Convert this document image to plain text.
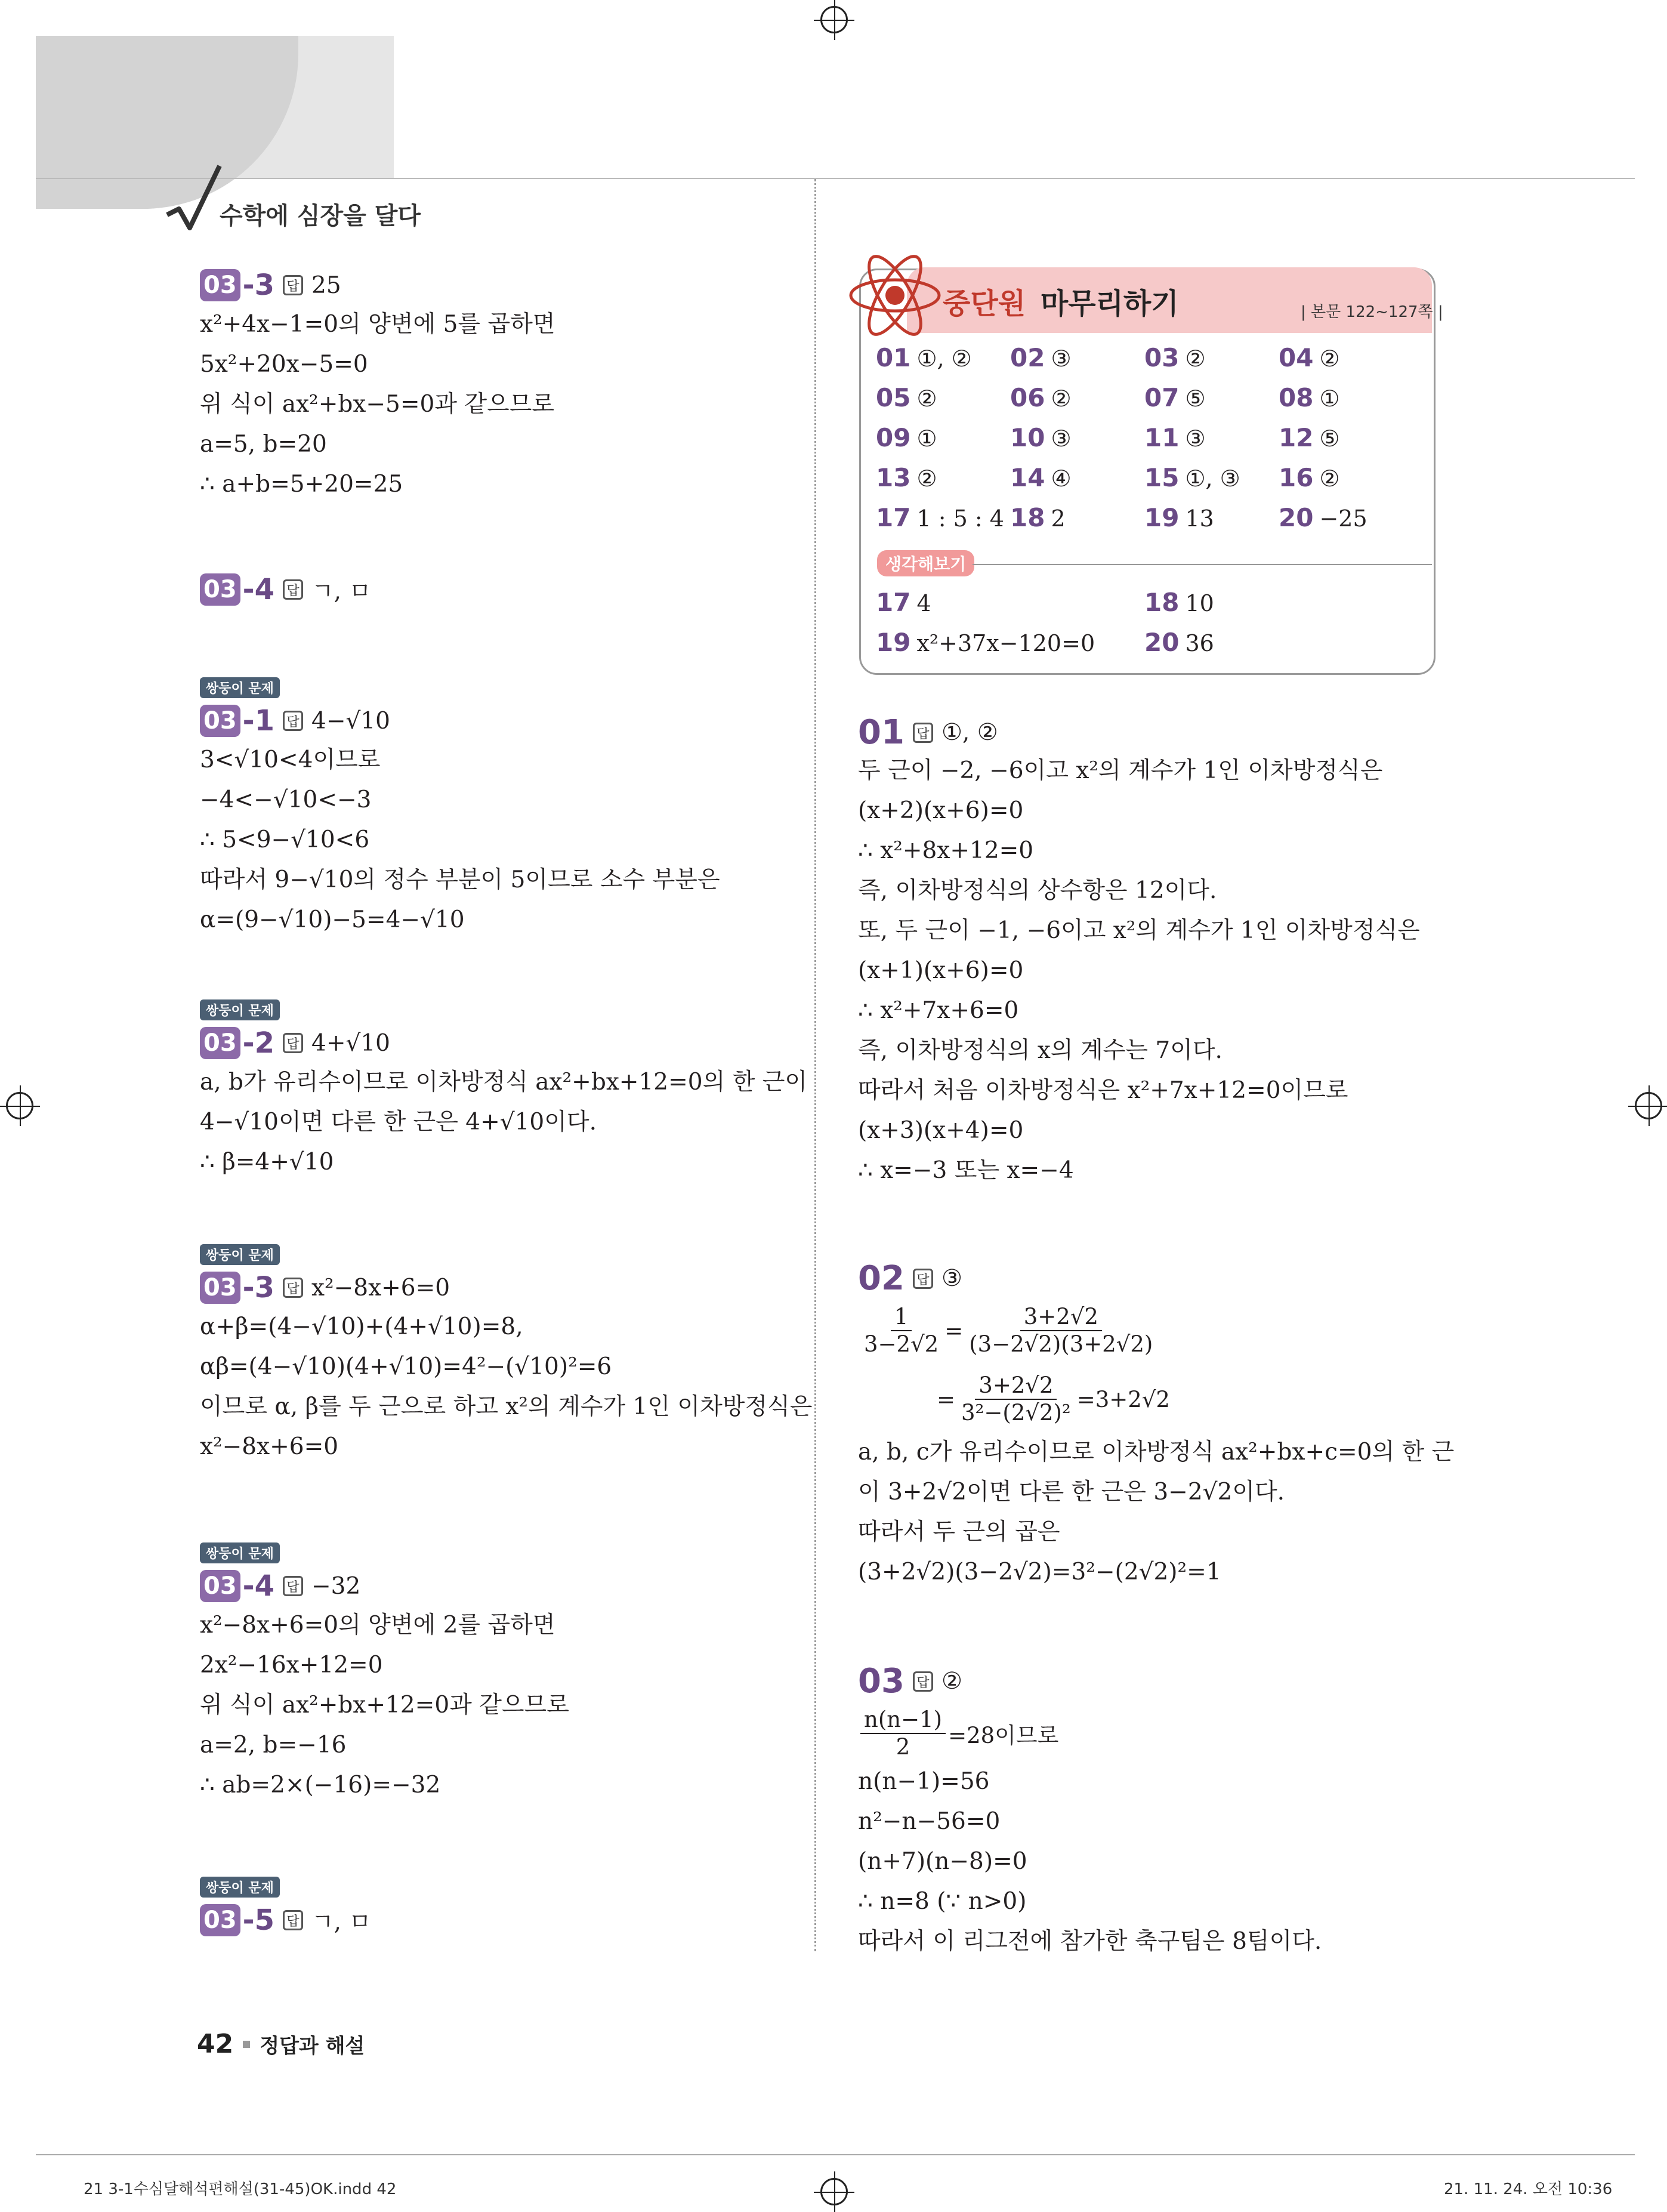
수학에 심장을 달다
03 -3 답 25
x²+4x−1=0의 양변에 5를 곱하면
5x²+20x−5=0
위 식이 ax²+bx−5=0과 같으므로
a=5, b=20
∴ a+b=5+20=25
03 -4 답 ㄱ, ㅁ
쌍둥이 문제
03 -1 답 4−√10
3<√10<4이므로
−4<−√10<−3
∴ 5<9−√10<6
따라서 9−√10의 정수 부분이 5이므로 소수 부분은
α=(9−√10)−5=4−√10
쌍둥이 문제
03 -2 답 4+√10
a, b가 유리수이므로 이차방정식 ax²+bx+12=0의 한 근이
4−√10이면 다른 한 근은 4+√10이다.
∴ β=4+√10
쌍둥이 문제
03 -3 답 x²−8x+6=0
α+β=(4−√10)+(4+√10)=8,
αβ=(4−√10)(4+√10)=4²−(√10)²=6
이므로 α, β를 두 근으로 하고 x²의 계수가 1인 이차방정식은
x²−8x+6=0
쌍둥이 문제
03 -4 답 −32
x²−8x+6=0의 양변에 2를 곱하면
2x²−16x+12=0
위 식이 ax²+bx+12=0과 같으므로
a=2, b=−16
∴ ab=2×(−16)=−32
쌍둥이 문제
03 -5 답 ㄱ, ㅁ
중단원 마무리하기	| 본문 122~127쪽 |
01 ①, ② 02 ③	03 ②	04 ②
05 ②	06 ②	07 ⑤	08 ①
09 ①	10 ③	11 ③	12 ⑤
13 ②	14 ④	15 ①, ③ 16 ②
17 1 : 5 : 4 18 2	19 13	20 −25
생각해보기
17 4	18 10
19 x²+37x−120=0 20 36
01 답 ①, ②
두 근이 −2, −6이고 x²의 계수가 1인 이차방정식은
(x+2)(x+6)=0
∴ x²+8x+12=0
즉, 이차방정식의 상수항은 12이다.
또, 두 근이 −1, −6이고 x²의 계수가 1인 이차방정식은
(x+1)(x+6)=0
∴ x²+7x+6=0
즉, 이차방정식의 x의 계수는 7이다.
따라서 처음 이차방정식은 x²+7x+12=0이므로
(x+3)(x+4)=0
∴ x=−3 또는 x=−4
02 답 ③
a, b, c가 유리수이므로 이차방정식 ax²+bx+c=0의 한 근
이 3+2√2이면 다른 한 근은 3−2√2이다.
따라서 두 근의 곱은
(3+2√2)(3−2√2)=3²−(2√2)²=1
03 답 ②
n(n−1)=56
n²−n−56=0
(n+7)(n−8)=0
∴ n=8 (∵ n>0)
따라서 이 리그전에 참가한 축구팀은 8팀이다.
$\frac{1}{3-2√2} = \frac{3+2√2}{(3-2√2)(3+2√2)}$
= $\frac{3+2√2}{\text{3²−(2√2)²}} =3+2√2$
$\frac{n(n-1)}{2} =28$이므로
42 정답과 해설
21 3-1수심달해석편해설(31-45)OK.indd 42	21. 11. 24. 오전 10:36
